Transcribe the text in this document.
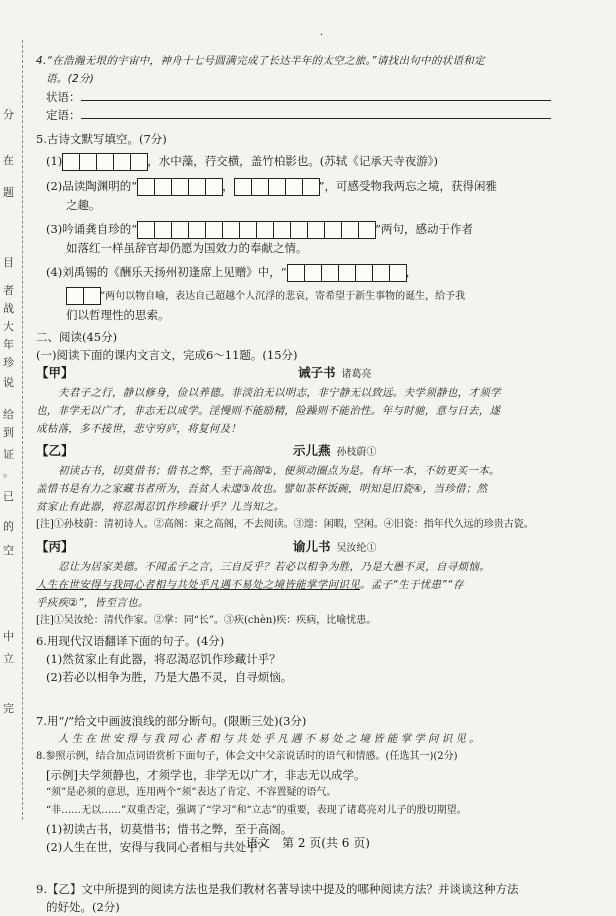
·
分
在
题
目
者
战
大
年
珍
说
给
到
证
。
已
的
空
中
立
完
4.“在浩瀚无垠的宇宙中，神舟十七号圆满完成了长达半年的太空之旅。”请找出句中的状语和定
语。(2分)
状语：
定语：
5.古诗文默写填空。(7分)
(1)	，水中藻，荇交横，盖竹柏影也。(苏轼《记承天寺夜游》)
(2)品读陶渊明的“	，	”，可感受物我两忘之境，获得闲雅
之趣。
(3)吟诵龚自珍的“	”两句，感动于作者
如落红一样虽辞官却仍愿为国效力的奉献之情。
(4)刘禹锡的《酬乐天扬州初逢席上见赠》中，“	，
”两句以物自喻，表达自己超越个人沉浮的悲哀，寄希望于新生事物的诞生，给予我
们以哲理性的思索。
二、阅读(45分)
(一)阅读下面的课内文言文，完成6～11题。(15分)
【甲】	诫子书 诸葛亮
夫君子之行，静以修身，俭以养德。非淡泊无以明志，非宁静无以致远。夫学须静也，才须学
也，非学无以广才，非志无以成学。淫慢则不能励精，险躁则不能治性。年与时驰，意与日去，遂
成枯落，多不接世，悲守穷庐，将复何及！
【乙】	示儿燕 孙枝蔚①
初读古书，切莫借书；借书之弊，至于高阁②，便须动圈点为是。有坏一本，不妨更买一本。
盖惜书是有力之家藏书者所为，吾贫人未遑③故也。譬如茶杯饭碗，明知是旧瓷④，当珍借；然
贫家止有此器，将忍渴忍饥作珍藏计乎？儿当知之。
[注]①孙枝蔚：清初诗人。②高阁：束之高阁，不去阅读。③遑：闲暇，空闲。④旧瓷：指年代久远的珍贵古瓷。
【丙】	谕儿书 吴汝纶①
忍让为居家美德。不闻孟子之言，三自反乎？若必以相争为胜，乃是大愚不灵，自寻烦恼。
人生在世安得与我同心者相与共处乎凡遇不易处之境皆能掌学问识见。孟子“生于忧患”“存
乎疢疾②”，皆至言也。
[注]①吴汝纶：清代作家。②掌：同“长”。③疢(chèn)疾：疾病，比喻忧患。
6.用现代汉语翻译下面的句子。(4分)
(1)然贫家止有此器，将忍渴忍饥作珍藏计乎？
(2)若必以相争为胜，乃是大愚不灵，自寻烦恼。
7.用“/”给文中画波浪线的部分断句。(限断三处)(3分)
人生在世安得与我同心者相与共处乎凡遇不易处之境皆能掌学问识见。
8.参照示例，结合加点词语赏析下面句子，体会文中父亲说话时的语气和情感。(任选其一)(2分)
[示例]夫学须静也，才须学也，非学无以广才，非志无以成学。
“须”是必须的意思，连用两个“须”表达了肯定、不容置疑的语气。
“非……无以……”双重否定，强调了“学习”和“立志”的重要，表现了诸葛亮对儿子的殷切期望。
(1)初读古书，切莫惜书；惜书之弊，至于高阁。
(2)人生在世，安得与我同心者相与共处乎？
9.【乙】文中所提到的阅读方法也是我们教材名著导读中提及的哪种阅读方法？并谈谈这种方法
的好处。(2分)
语文　第 2 页(共 6 页)
